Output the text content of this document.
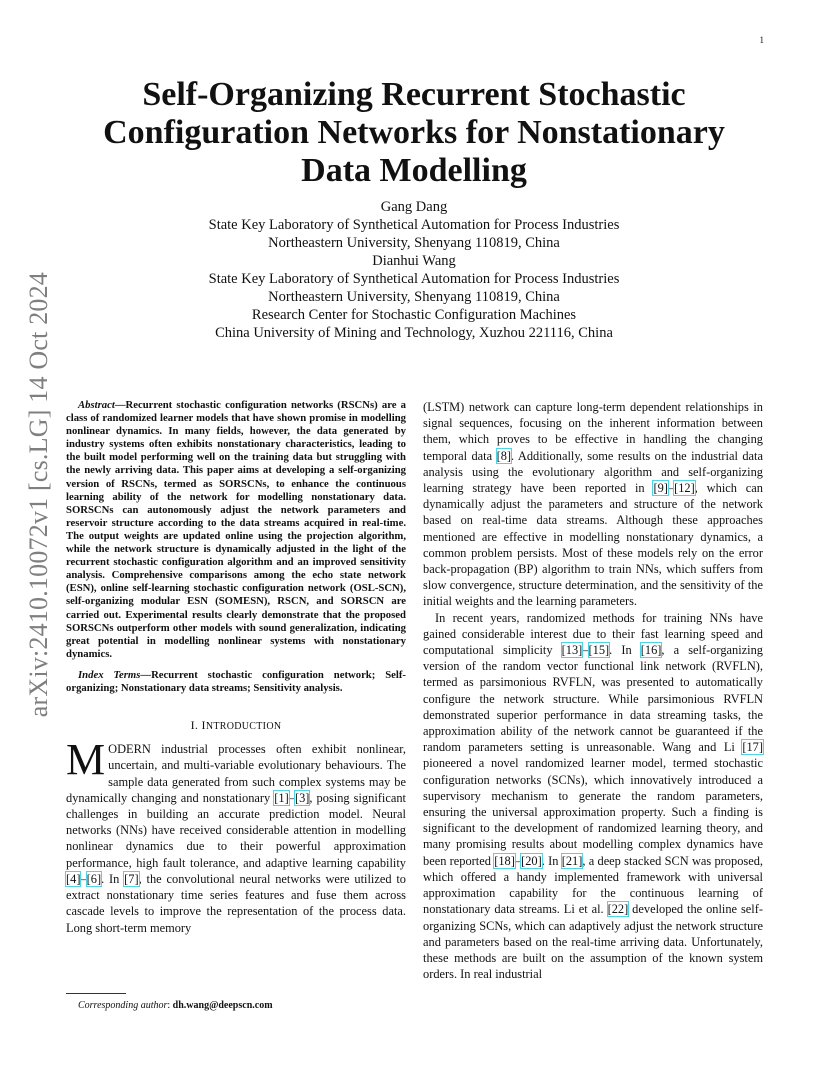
1
arXiv:2410.10072v1 [cs.LG] 14 Oct 2024
Self-Organizing Recurrent Stochastic Configuration Networks for Nonstationary Data Modelling
Gang Dang
State Key Laboratory of Synthetical Automation for Process Industries
Northeastern University, Shenyang 110819, China
Dianhui Wang
State Key Laboratory of Synthetical Automation for Process Industries
Northeastern University, Shenyang 110819, China
Research Center for Stochastic Configuration Machines
China University of Mining and Technology, Xuzhou 221116, China

Abstract—Recurrent stochastic configuration networks (RSCNs) are a class of randomized learner models that have shown promise in modelling nonlinear dynamics. In many fields, however, the data generated by industry systems often exhibits nonstationary characteristics, leading to the built model performing well on the training data but struggling with the newly arriving data. This paper aims at developing a self-organizing version of RSCNs, termed as SORSCNs, to enhance the continuous learning ability of the network for modelling nonstationary data. SORSCNs can autonomously adjust the network parameters and reservoir structure according to the data streams acquired in real-time. The output weights are updated online using the projection algorithm, while the network structure is dynamically adjusted in the light of the recurrent stochastic configuration algorithm and an improved sensitivity analysis. Comprehensive comparisons among the echo state network (ESN), online self-learning stochastic configuration network (OSL-SCN), self-organizing modular ESN (SOMESN), RSCN, and SORSCN are carried out. Experimental results clearly demonstrate that the proposed SORSCNs outperform other models with sound generalization, indicating great potential in modelling nonlinear systems with nonstationary dynamics.

Index Terms—Recurrent stochastic configuration network; Self-organizing; Nonstationary data streams; Sensitivity analysis.

I. INTRODUCTION

MODERN industrial processes often exhibit nonlinear, uncertain, and multi-variable evolutionary behaviours. The sample data generated from such complex systems may be dynamically changing and nonstationary [1]–[3], posing significant challenges in building an accurate prediction model. Neural networks (NNs) have received considerable attention in modelling nonlinear dynamics due to their powerful approximation performance, high fault tolerance, and adaptive learning capability [4]–[6]. In [7], the convolutional neural networks were utilized to extract nonstationary time series features and fuse them across cascade levels to improve the representation of the process data. Long short-term memory

(LSTM) network can capture long-term dependent relationships in signal sequences, focusing on the inherent information between them, which proves to be effective in handling the changing temporal data [8]. Additionally, some results on the industrial data analysis using the evolutionary algorithm and self-organizing learning strategy have been reported in [9]–[12], which can dynamically adjust the parameters and structure of the network based on real-time data streams. Although these approaches mentioned are effective in modelling nonstationary dynamics, a common problem persists. Most of these models rely on the error back-propagation (BP) algorithm to train NNs, which suffers from slow convergence, structure determination, and the sensitivity of the initial weights and the learning parameters.

In recent years, randomized methods for training NNs have gained considerable interest due to their fast learning speed and computational simplicity [13]–[15]. In [16], a self-organizing version of the random vector functional link network (RVFLN), termed as parsimonious RVFLN, was presented to automatically configure the network structure. While parsimonious RVFLN demonstrated superior performance in data streaming tasks, the approximation ability of the network cannot be guaranteed if the random parameters setting is unreasonable. Wang and Li [17] pioneered a novel randomized learner model, termed stochastic configuration networks (SCNs), which innovatively introduced a supervisory mechanism to generate the random parameters, ensuring the universal approximation property. Such a finding is significant to the development of randomized learning theory, and many promising results about modelling complex dynamics have been reported [18]–[20]. In [21], a deep stacked SCN was proposed, which offered a handy implemented framework with universal approximation capability for the continuous learning of nonstationary data streams. Li et al. [22] developed the online self-organizing SCNs, which can adaptively adjust the network structure and parameters based on the real-time arriving data. Unfortunately, these methods are built on the assumption of the known system orders. In real industrial

Corresponding author: dh.wang@deepscn.com
